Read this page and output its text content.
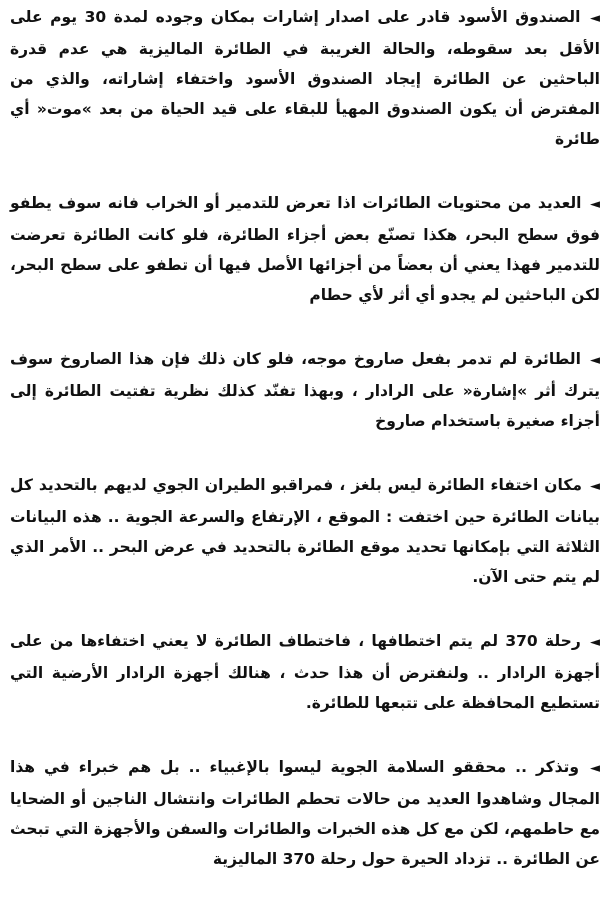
◄ الصندوق الأسود قادر على اصدار إشارات بمكان وجوده لمدة 30 يوم على الأقل بعد سقوطه، والحالة الغريبة في الطائرة الماليزية هي عدم قدرة الباحثين عن الطائرة إيجاد الصندوق الأسود واختفاء إشاراته، والذي من المفترض أن يكون الصندوق المهيأ للبقاء على قيد الحياة من بعد »موت« أي طائرة

◄ العديد من محتويات الطائرات اذا تعرض للتدمير أو الخراب فانه سوف يطفو فوق سطح البحر، هكذا تصنّع بعض أجزاء الطائرة، فلو كانت الطائرة تعرضت للتدمير فهذا يعني أن بعضاً من أجزائها الأصل فيها أن تطفو على سطح البحر، لكن الباحثين لم يجدو أي أثر لأي حطام

◄ الطائرة لم تدمر بفعل صاروخ موجه، فلو كان ذلك فإن هذا الصاروخ سوف يترك أثر »إشارة« على الرادار ، وبهذا تفنّد كذلك نظرية تفتيت الطائرة إلى أجزاء صغيرة باستخدام صاروخ

◄ مكان اختفاء الطائرة ليس بلغز ، فمراقبو الطيران الجوي لديهم بالتحديد كل بيانات الطائرة حين اختفت : الموقع ، الإرتفاع والسرعة الجوية .. هذه البيانات الثلاثة التي بإمكانها تحديد موقع الطائرة بالتحديد في عرض البحر .. الأمر الذي لم يتم حتى الآن.

◄ رحلة 370 لم يتم اختطافها ، فاختطاف الطائرة لا يعني اختفاءها من على أجهزة الرادار .. ولنفترض أن هذا حدث ، هنالك أجهزة الرادار الأرضية التي تستطيع المحافظة على تتبعها للطائرة.

◄ وتذكر .. محققو السلامة الجوية ليسوا بالإغبياء .. بل هم خبراء في هذا المجال وشاهدوا العديد من حالات تحطم الطائرات وانتشال الناجين أو الضحايا مع حاطمهم، لكن مع كل هذه الخبرات والطائرات والسفن والأجهزة التي تبحث عن الطائرة .. تزداد الحيرة حول رحلة 370 الماليزية
